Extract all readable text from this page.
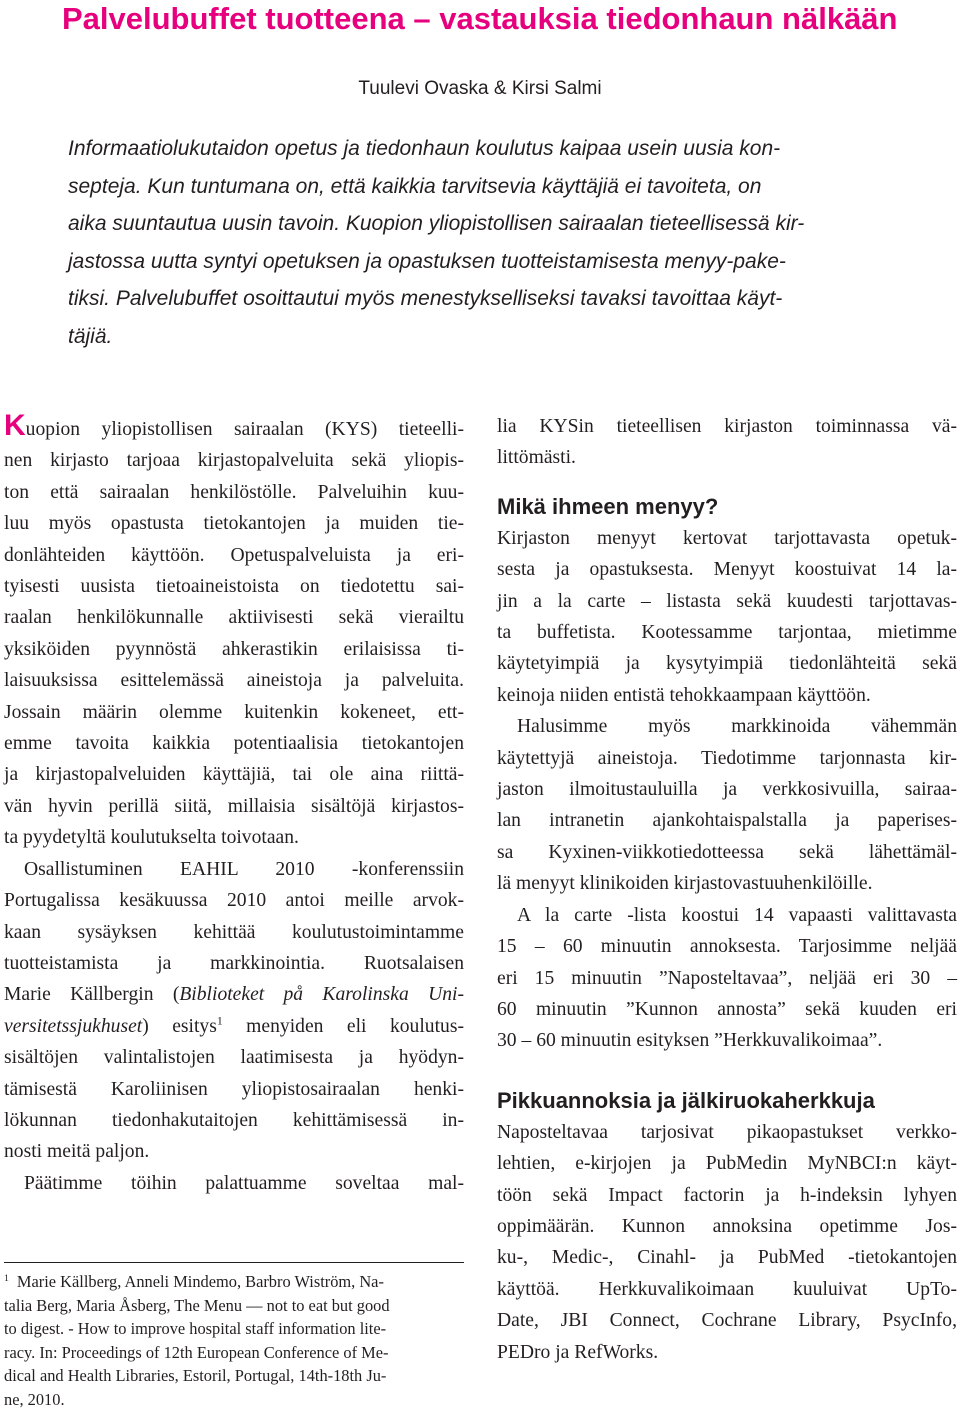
Palvelubuffet tuotteena – vastauksia tiedonhaun nälkään
Tuulevi Ovaska & Kirsi Salmi
Informaatiolukutaidon opetus ja tiedonhaun koulutus kaipaa usein uusia kon-
septeja. Kun tuntumana on, että kaikkia tarvitsevia käyttäjiä ei tavoiteta, on
aika suuntautua uusin tavoin. Kuopion yliopistollisen sairaalan tieteellisessä kir-
jastossa uutta syntyi opetuksen ja opastuksen tuotteistamisesta menyy-pake-
tiksi. Palvelubuffet osoittautui myös menestykselliseksi tavaksi tavoittaa käyt-
täjiä.
Kuopion yliopistollisen sairaalan (KYS) tieteelli-
nen kirjasto tarjoaa kirjastopalveluita sekä yliopis-
ton että sairaalan henkilöstölle. Palveluihin kuu-
luu myös opastusta tietokantojen ja muiden tie-
donlähteiden käyttöön. Opetuspalveluista ja eri-
tyisesti uusista tietoaineistoista on tiedotettu sai-
raalan henkilökunnalle aktiivisesti sekä vierailtu
yksiköiden pyynnöstä ahkerastikin erilaisissa ti-
laisuuksissa esittelemässä aineistoja ja palveluita.
Jossain määrin olemme kuitenkin kokeneet, ett-
emme tavoita kaikkia potentiaalisia tietokantojen
ja kirjastopalveluiden käyttäjiä, tai ole aina riittä-
vän hyvin perillä siitä, millaisia sisältöjä kirjastos-
ta pyydetyltä koulutukselta toivotaan.
Osallistuminen EAHIL 2010 -konferenssiin
Portugalissa kesäkuussa 2010 antoi meille arvok-
kaan sysäyksen kehittää koulutustoimintamme
tuotteistamista ja markkinointia. Ruotsalaisen
Marie Källbergin (Biblioteket på Karolinska Uni-
versitetssjukhuset) esitys$^1$ menyiden eli koulutus-
sisältöjen valintalistojen laatimisesta ja hyödyn-
tämisestä Karoliinisen yliopistosairaalan henki-
lökunnan tiedonhakutaitojen kehittämisessä in-
nosti meitä paljon.
Päätimme töihin palattuamme soveltaa mal-
$^1$ Marie Källberg, Anneli Mindemo, Barbro Wiström, Na-
talia Berg, Maria Åsberg, The Menu — not to eat but good
to digest. - How to improve hospital staff information lite-
racy. In: Proceedings of 12th European Conference of Me-
dical and Health Libraries, Estoril, Portugal, 14th-18th Ju-
ne, 2010.
lia KYSin tieteellisen kirjaston toiminnassa vä-
littömästi.
Mikä ihmeen menyy?
Kirjaston menyyt kertovat tarjottavasta opetuk-
sesta ja opastuksesta. Menyyt koostuivat 14 la-
jin a la carte – listasta sekä kuudesti tarjottavas-
ta buffetista. Kootessamme tarjontaa, mietimme
käytetyimpiä ja kysytyimpiä tiedonlähteitä sekä
keinoja niiden entistä tehokkaampaan käyttöön.
Halusimme myös markkinoida vähemmän
käytettyjä aineistoja. Tiedotimme tarjonnasta kir-
jaston ilmoitustauluilla ja verkkosivuilla, sairaa-
lan intranetin ajankohtaispalstalla ja paperises-
sa Kyxinen-viikkotiedotteessa sekä lähettämäl-
lä menyyt klinikoiden kirjastovastuuhenkilöille.
A la carte -lista koostui 14 vapaasti valittavasta
15 – 60 minuutin annoksesta. Tarjosimme neljää
eri 15 minuutin ”Naposteltavaa”, neljää eri 30 –
60 minuutin ”Kunnon annosta” sekä kuuden eri
30 – 60 minuutin esityksen ”Herkkuvalikoimaa”.
Pikkuannoksia ja jälkiruokaherkkuja
Naposteltavaa tarjosivat pikaopastukset verkko-
lehtien, e-kirjojen ja PubMedin MyNBCI:n käyt-
töön sekä Impact factorin ja h-indeksin lyhyen
oppimäärän. Kunnon annoksina opetimme Jos-
ku-, Medic-, Cinahl- ja PubMed -tietokantojen
käyttöä. Herkkuvalikoimaan kuuluivat UpTo-
Date, JBI Connect, Cochrane Library, PsycInfo,
PEDro ja RefWorks.
